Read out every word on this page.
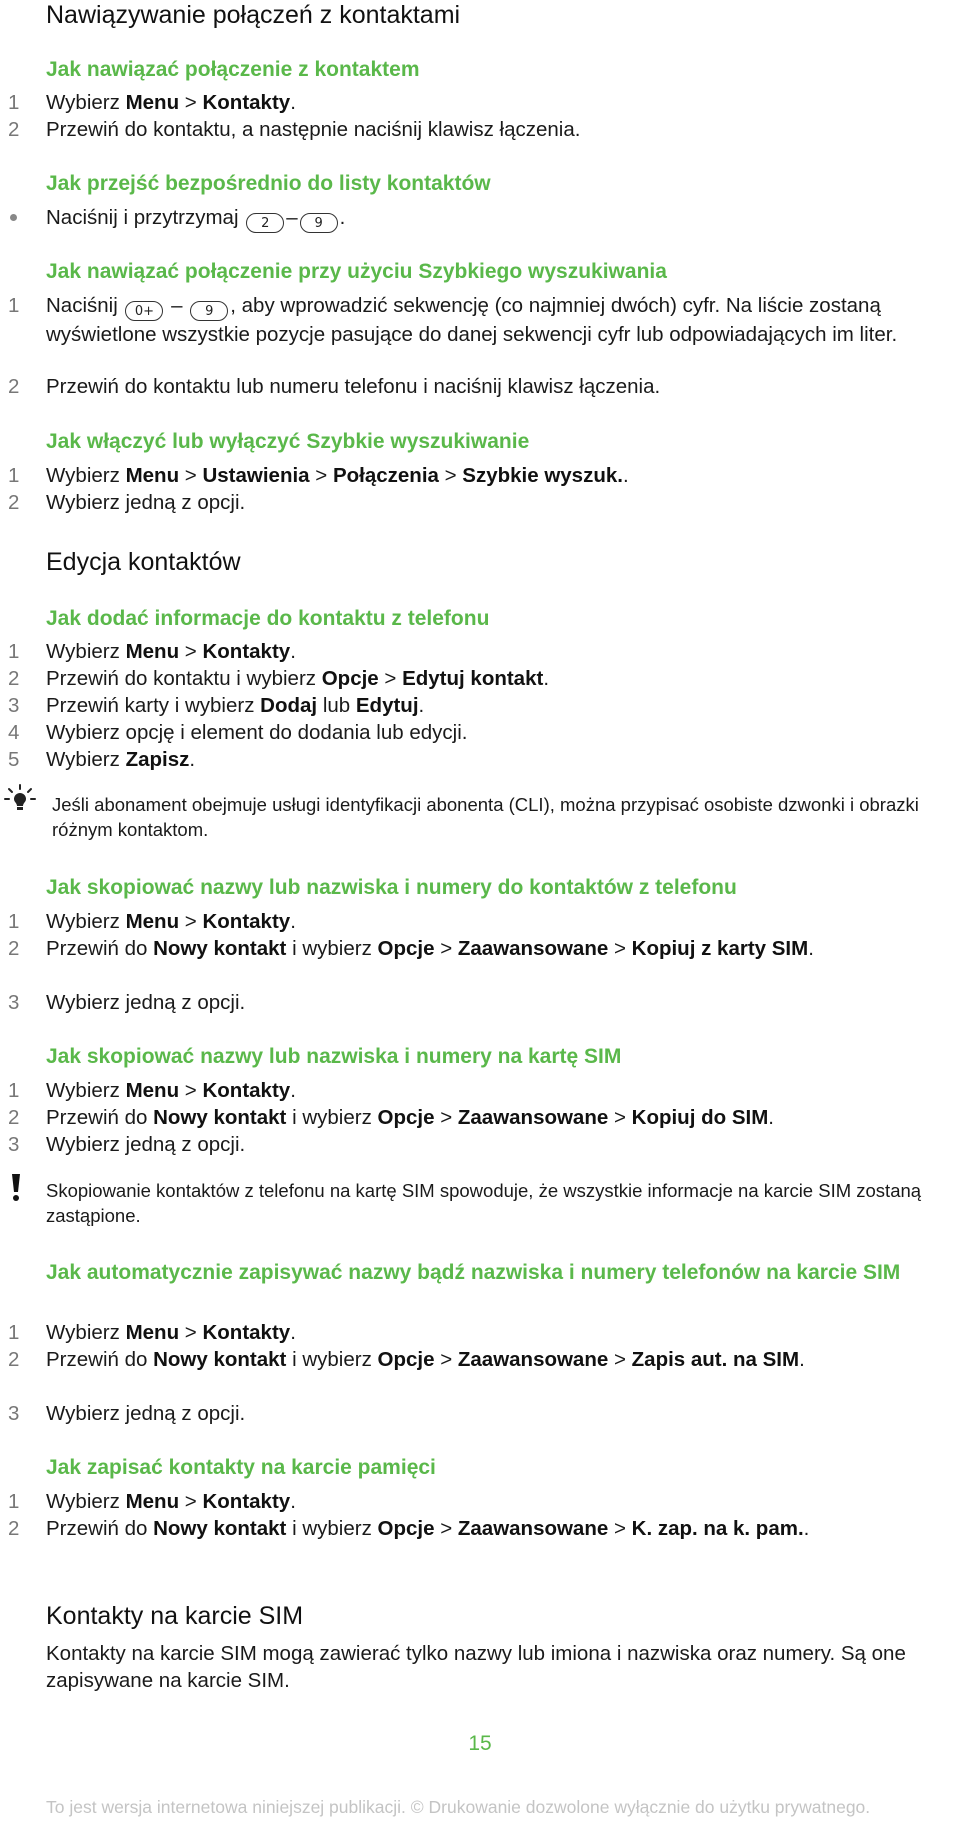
Nawiązywanie połączeń z kontaktami
Jak nawiązać połączenie z kontaktem
1	Wybierz Menu > Kontakty.
2	Przewiń do kontaktu, a następnie naciśnij klawisz łączenia.
Jak przejść bezpośrednio do listy kontaktów
Naciśnij i przytrzymaj 2 – 9 .
Jak nawiązać połączenie przy użyciu Szybkiego wyszukiwania
1	Naciśnij 0+ – 9 , aby wprowadzić sekwencję (co najmniej dwóch) cyfr. Na liście zostaną wyświetlone wszystkie pozycje pasujące do danej sekwencji cyfr lub odpowiadających im liter.
2	Przewiń do kontaktu lub numeru telefonu i naciśnij klawisz łączenia.
Jak włączyć lub wyłączyć Szybkie wyszukiwanie
1	Wybierz Menu > Ustawienia > Połączenia > Szybkie wyszuk..
2	Wybierz jedną z opcji.
Edycja kontaktów
Jak dodać informacje do kontaktu z telefonu
1	Wybierz Menu > Kontakty.
2	Przewiń do kontaktu i wybierz Opcje > Edytuj kontakt.
3	Przewiń karty i wybierz Dodaj lub Edytuj.
4	Wybierz opcję i element do dodania lub edycji.
5	Wybierz Zapisz.
Jeśli abonament obejmuje usługi identyfikacji abonenta (CLI), można przypisać osobiste dzwonki i obrazki różnym kontaktom.
Jak skopiować nazwy lub nazwiska i numery do kontaktów z telefonu
1	Wybierz Menu > Kontakty.
2	Przewiń do Nowy kontakt i wybierz Opcje > Zaawansowane > Kopiuj z karty SIM.
3	Wybierz jedną z opcji.
Jak skopiować nazwy lub nazwiska i numery na kartę SIM
1	Wybierz Menu > Kontakty.
2	Przewiń do Nowy kontakt i wybierz Opcje > Zaawansowane > Kopiuj do SIM.
3	Wybierz jedną z opcji.
Skopiowanie kontaktów z telefonu na kartę SIM spowoduje, że wszystkie informacje na karcie SIM zostaną zastąpione.
Jak automatycznie zapisywać nazwy bądź nazwiska i numery telefonów na karcie SIM
1	Wybierz Menu > Kontakty.
2	Przewiń do Nowy kontakt i wybierz Opcje > Zaawansowane > Zapis aut. na SIM.
3	Wybierz jedną z opcji.
Jak zapisać kontakty na karcie pamięci
1	Wybierz Menu > Kontakty.
2	Przewiń do Nowy kontakt i wybierz Opcje > Zaawansowane > K. zap. na k. pam..
Kontakty na karcie SIM
Kontakty na karcie SIM mogą zawierać tylko nazwy lub imiona i nazwiska oraz numery. Są one zapisywane na karcie SIM.
15
To jest wersja internetowa niniejszej publikacji. © Drukowanie dozwolone wyłącznie do użytku prywatnego.
